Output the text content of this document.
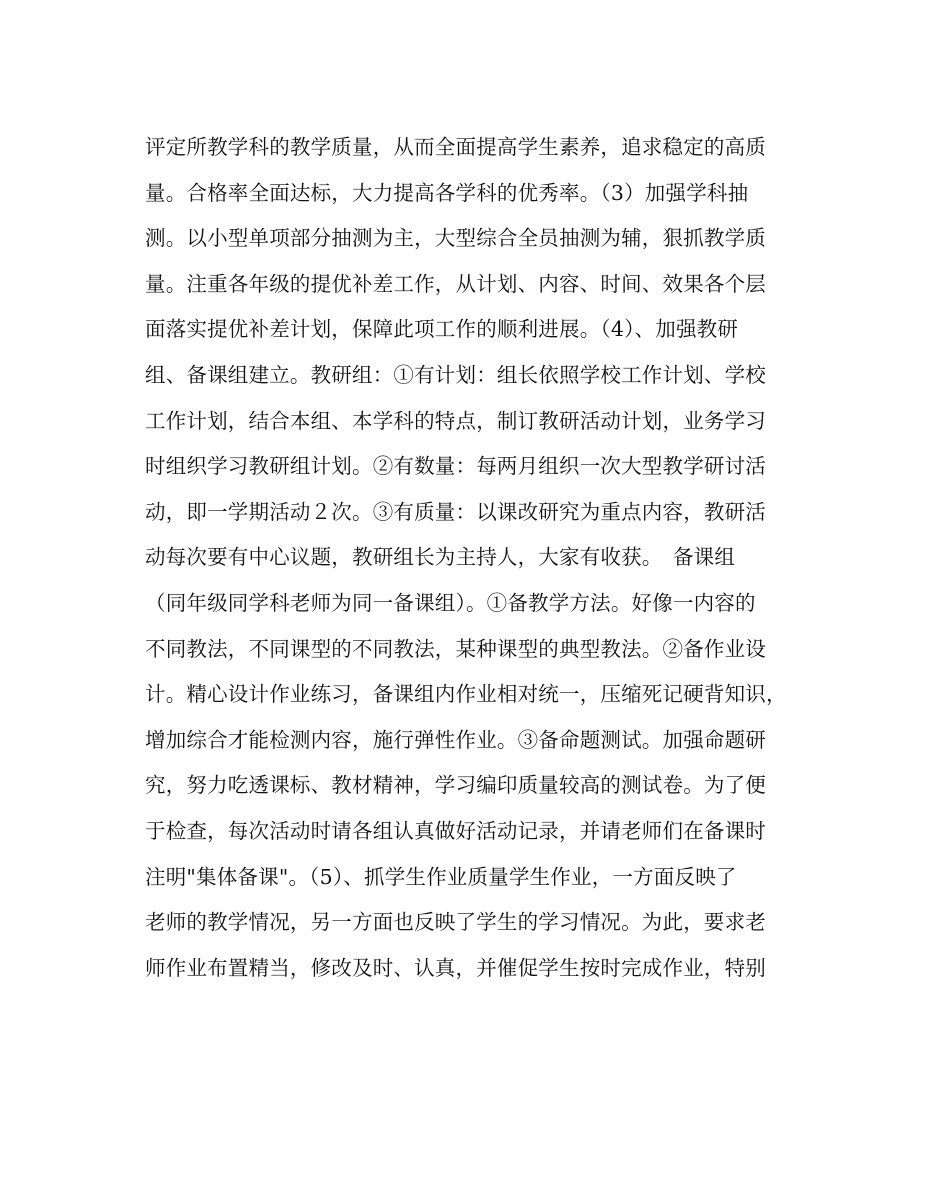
评定所教学科的教学质量，从而全面提高学生素养，追求稳定的高质
量。合格率全面达标，大力提高各学科的优秀率。（3）加强学科抽
测。以小型单项部分抽测为主，大型综合全员抽测为辅，狠抓教学质
量。注重各年级的提优补差工作，从计划、内容、时间、效果各个层
面落实提优补差计划，保障此项工作的顺利进展。（4）、加强教研
组、备课组建立。教研组：①有计划：组长依照学校工作计划、学校
工作计划，结合本组、本学科的特点，制订教研活动计划，业务学习
时组织学习教研组计划。②有数量：每两月组织一次大型教学研讨活
动，即一学期活动２次。③有质量：以课改研究为重点内容，教研活
动每次要有中心议题，教研组长为主持人，大家有收获。　备课组
（同年级同学科老师为同一备课组）。①备教学方法。好像一内容的
不同教法，不同课型的不同教法，某种课型的典型教法。②备作业设
计。精心设计作业练习，备课组内作业相对统一，压缩死记硬背知识，
增加综合才能检测内容，施行弹性作业。③备命题测试。加强命题研
究，努力吃透课标、教材精神，学习编印质量较高的测试卷。为了便
于检查，每次活动时请各组认真做好活动记录，并请老师们在备课时
注明"集体备课"。（5）、抓学生作业质量学生作业，一方面反映了
老师的教学情况，另一方面也反映了学生的学习情况。为此，要求老
师作业布置精当，修改及时、认真，并催促学生按时完成作业，特别
